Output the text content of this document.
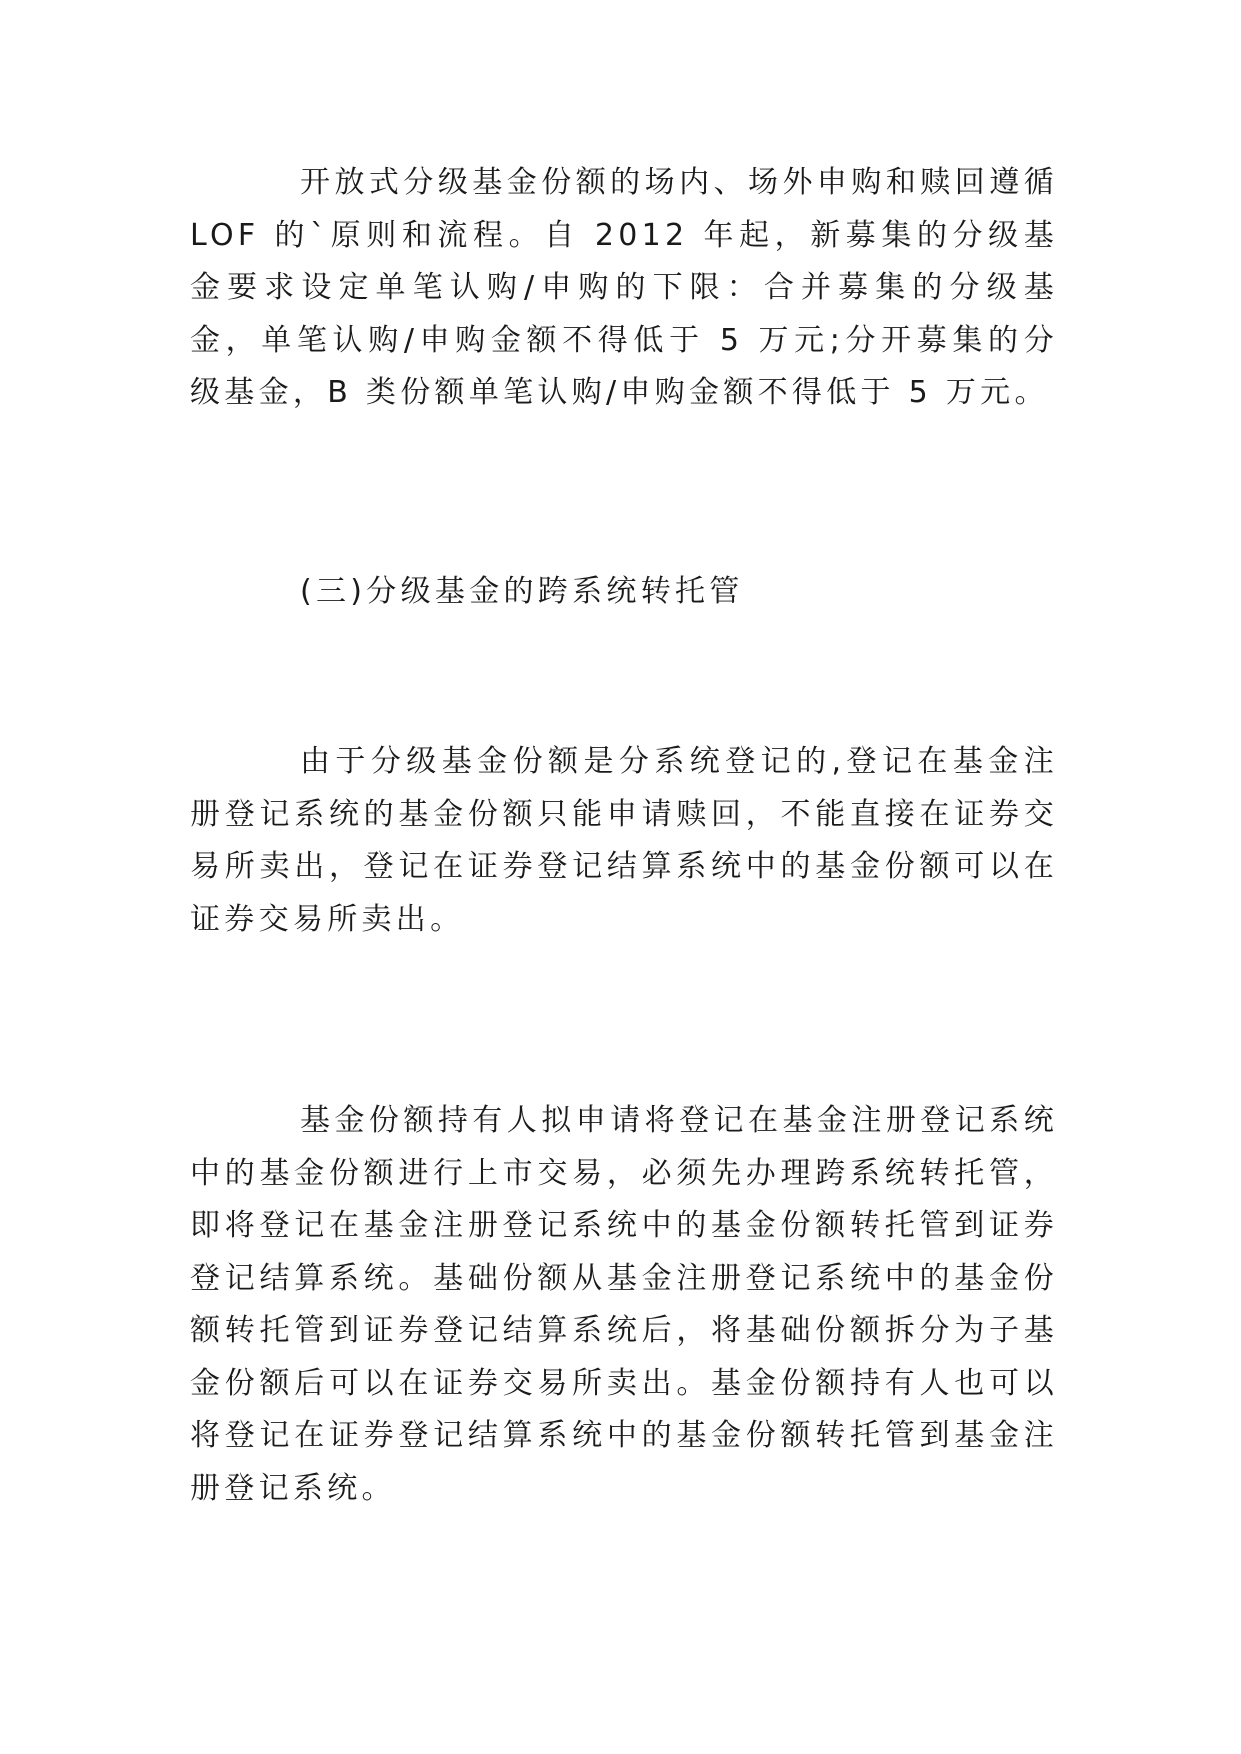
开放式分级基金份额的场内、场外申购和赎回遵循LOF 的`原则和流程。自 2012 年起，新募集的分级基金要求设定单笔认购/申购的下限：合并募集的分级基金，单笔认购/申购金额不得低于 5 万元;分开募集的分级基金，B 类份额单笔认购/申购金额不得低于 5 万元。

(三)分级基金的跨系统转托管

由于分级基金份额是分系统登记的,登记在基金注册登记系统的基金份额只能申请赎回，不能直接在证券交易所卖出，登记在证券登记结算系统中的基金份额可以在证券交易所卖出。

基金份额持有人拟申请将登记在基金注册登记系统中的基金份额进行上市交易，必须先办理跨系统转托管，即将登记在基金注册登记系统中的基金份额转托管到证券登记结算系统。基础份额从基金注册登记系统中的基金份额转托管到证券登记结算系统后，将基础份额拆分为子基金份额后可以在证券交易所卖出。基金份额持有人也可以将登记在证券登记结算系统中的基金份额转托管到基金注册登记系统。
